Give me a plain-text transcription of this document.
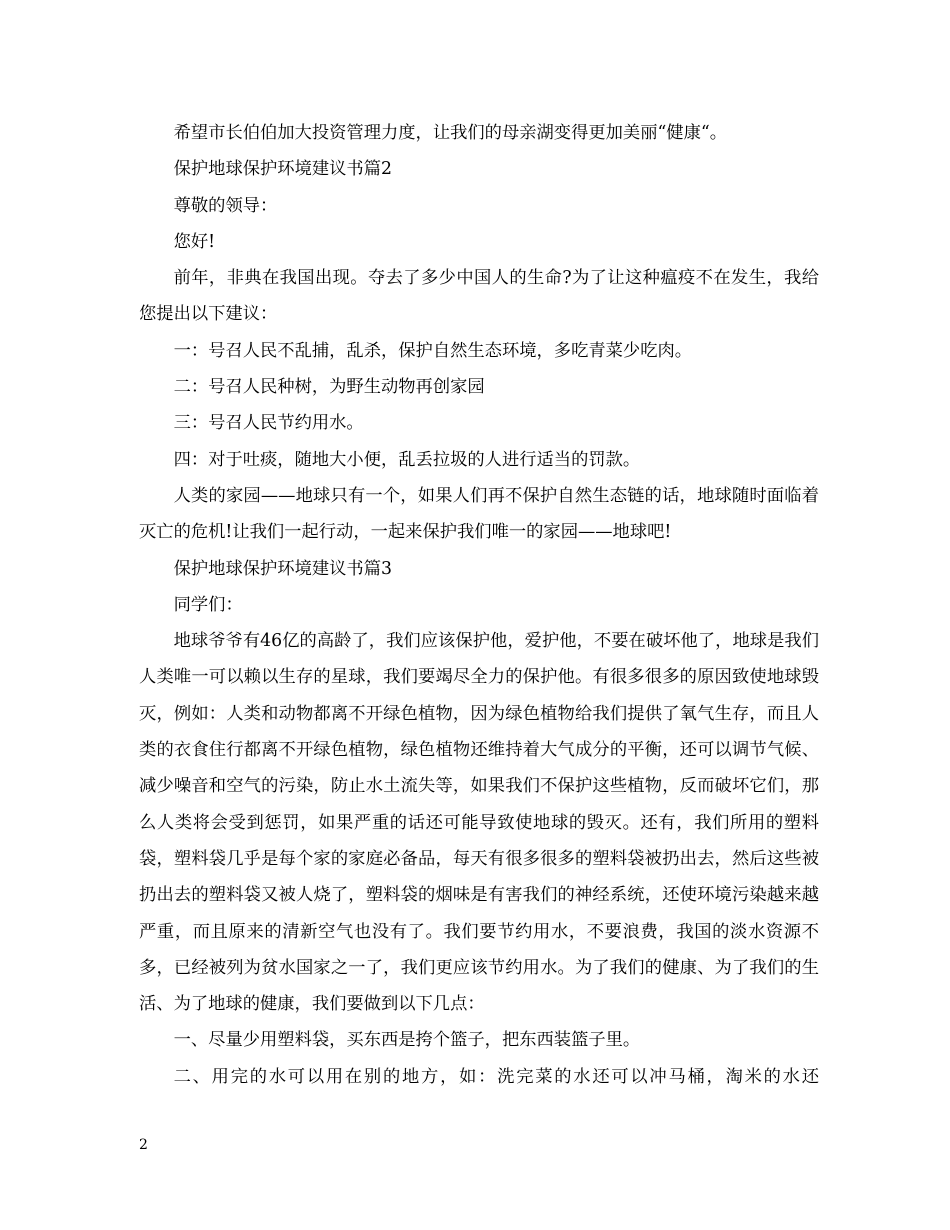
希望市长伯伯加大投资管理力度，让我们的母亲湖变得更加美丽“健康“。

保护地球保护环境建议书篇2

尊敬的领导：

您好!

前年，非典在我国出现。夺去了多少中国人的生命?为了让这种瘟疫不在发生，我给您提出以下建议：

一：号召人民不乱捕，乱杀，保护自然生态环境，多吃青菜少吃肉。

二：号召人民种树，为野生动物再创家园

三：号召人民节约用水。

四：对于吐痰，随地大小便，乱丢拉圾的人进行适当的罚款。

人类的家园——地球只有一个，如果人们再不保护自然生态链的话，地球随时面临着灭亡的危机!让我们一起行动，一起来保护我们唯一的家园——地球吧!

保护地球保护环境建议书篇3

同学们：

地球爷爷有46亿的高龄了，我们应该保护他，爱护他，不要在破坏他了，地球是我们人类唯一可以赖以生存的星球，我们要竭尽全力的保护他。有很多很多的原因致使地球毁灭，例如：人类和动物都离不开绿色植物，因为绿色植物给我们提供了氧气生存，而且人类的衣食住行都离不开绿色植物，绿色植物还维持着大气成分的平衡，还可以调节气候、减少噪音和空气的污染，防止水土流失等，如果我们不保护这些植物，反而破坏它们，那么人类将会受到惩罚，如果严重的话还可能导致使地球的毁灭。还有，我们所用的塑料袋，塑料袋几乎是每个家的家庭必备品，每天有很多很多的塑料袋被扔出去，然后这些被扔出去的塑料袋又被人烧了，塑料袋的烟味是有害我们的神经系统，还使环境污染越来越严重，而且原来的清新空气也没有了。我们要节约用水，不要浪费，我国的淡水资源不多，已经被列为贫水国家之一了，我们更应该节约用水。为了我们的健康、为了我们的生活、为了地球的健康，我们要做到以下几点：

一、尽量少用塑料袋，买东西是挎个篮子，把东西装篮子里。

二、用完的水可以用在别的地方，如：洗完菜的水还可以冲马桶，淘米的水还

2
